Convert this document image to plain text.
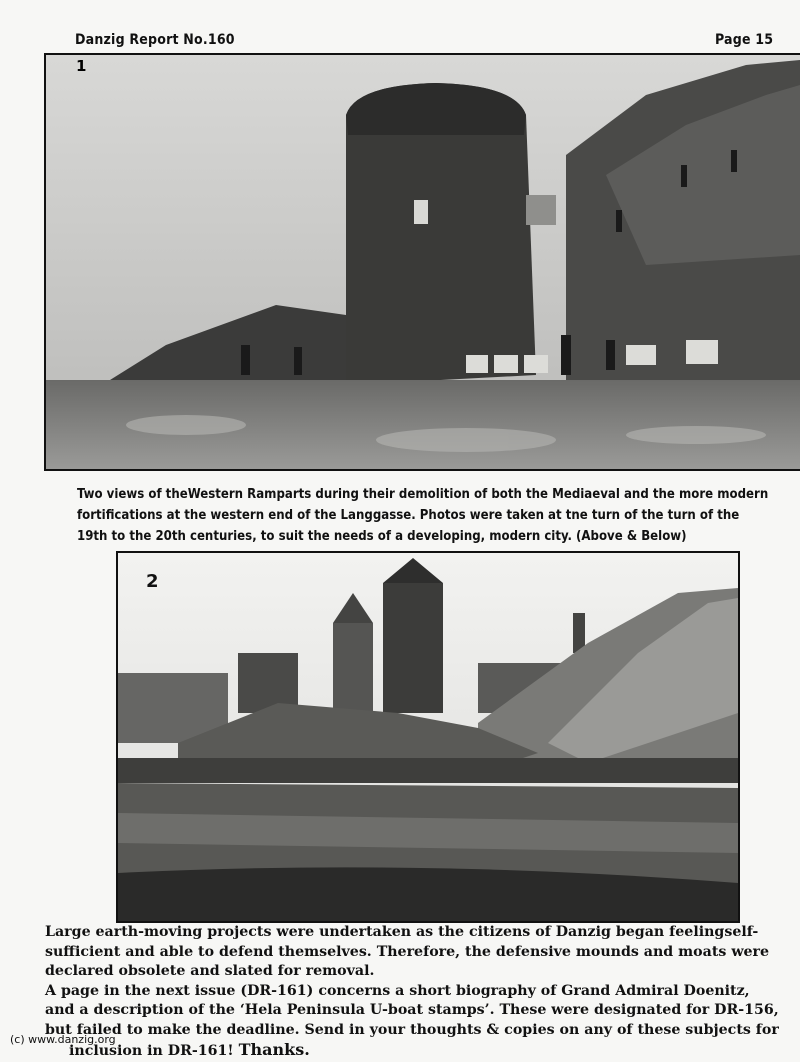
Danzig Report No.160	Page 15
1
Two views of theWestern Ramparts during their demolition of both the Mediaeval and the more modern
fortifications at the western end of the Langgasse. Photos were taken at tne turn of the turn of the
19th to the 20th centuries, to suit the needs of a developing, modern city. (Above & Below)
2
Large earth-moving projects were undertaken as the citizens of Danzig began feelingself-
sufficient and able to defend themselves. Therefore, the defensive mounds and moats were
declared obsolete and slated for removal.
A page in the next issue (DR-161) concerns a short biography of Grand Admiral Doenitz,
and a description of the ‘Hela Peninsula U-boat stamps’. These were designated for DR-156,
but failed to make the deadline. Send in your thoughts & copies on any of these subjects for
inclusion in DR-161! Thanks.
(c) www.danzig.org
